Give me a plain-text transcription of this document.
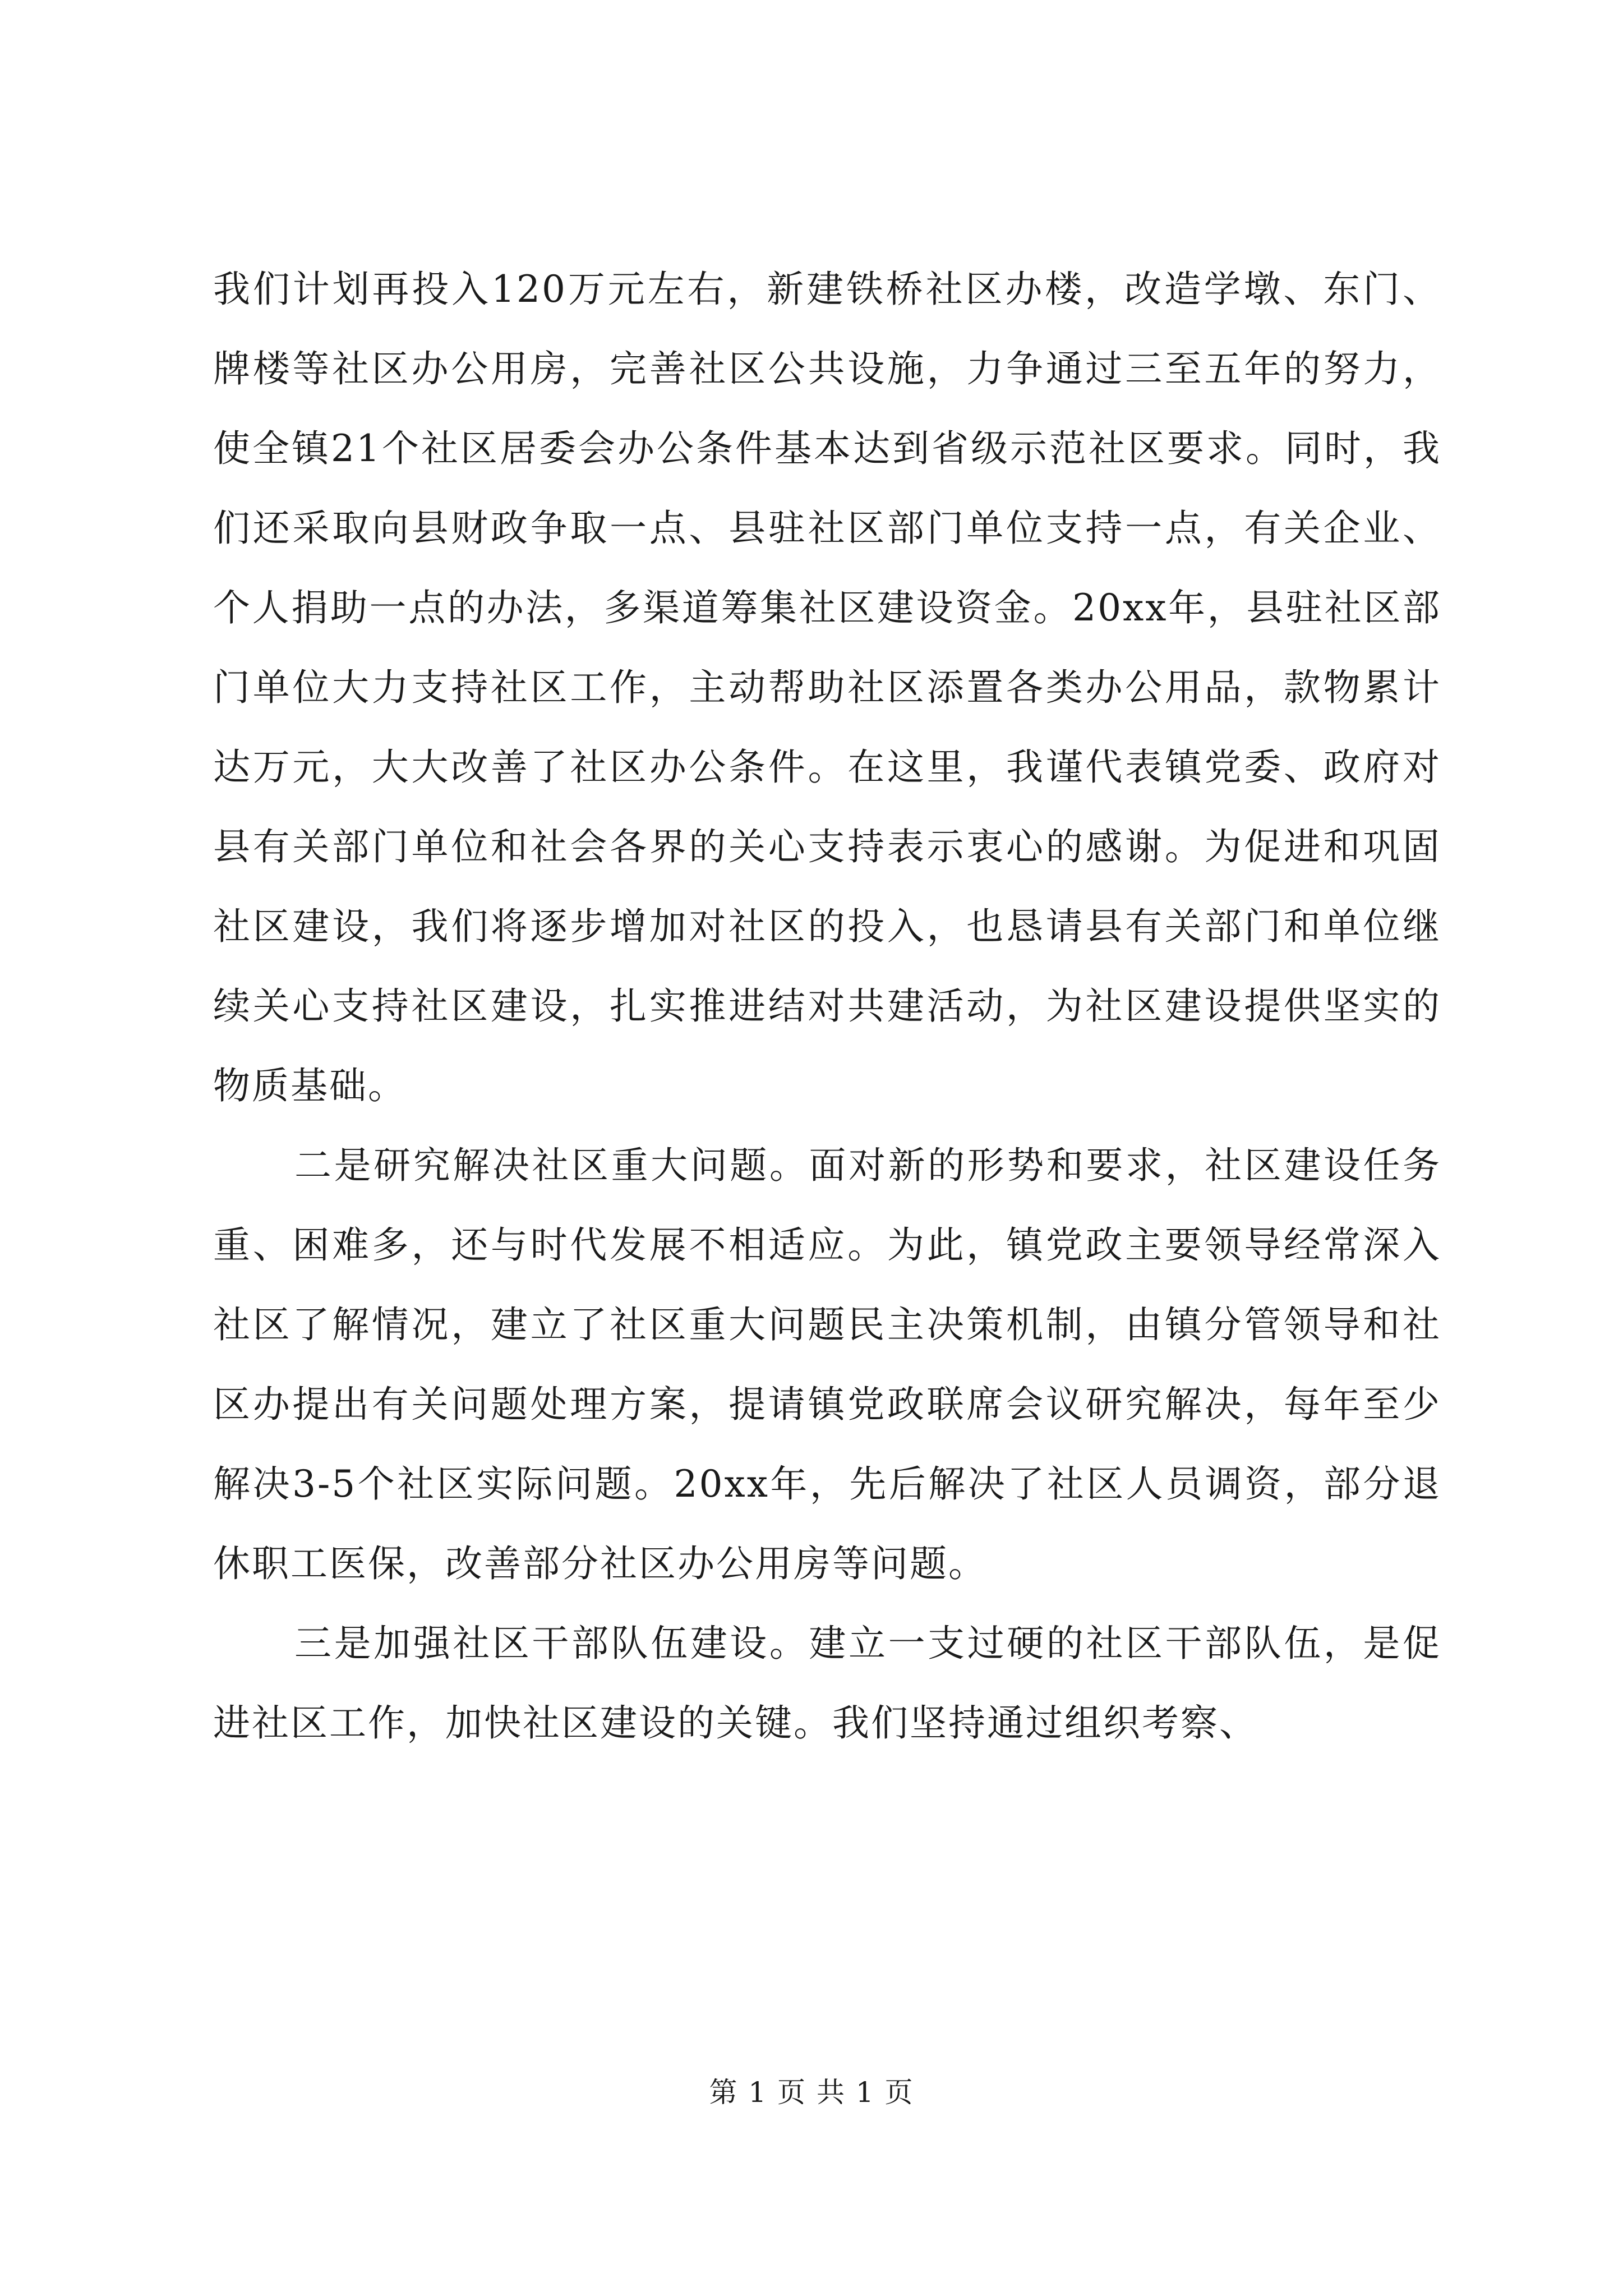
我们计划再投入120万元左右，新建铁桥社区办楼，改造学墩、东门、牌楼等社区办公用房，完善社区公共设施，力争通过三至五年的努力，使全镇21个社区居委会办公条件基本达到省级示范社区要求。同时，我们还采取向县财政争取一点、县驻社区部门单位支持一点，有关企业、个人捐助一点的办法，多渠道筹集社区建设资金。20xx年，县驻社区部门单位大力支持社区工作，主动帮助社区添置各类办公用品，款物累计达万元，大大改善了社区办公条件。在这里，我谨代表镇党委、政府对县有关部门单位和社会各界的关心支持表示衷心的感谢。为促进和巩固社区建设，我们将逐步增加对社区的投入，也恳请县有关部门和单位继续关心支持社区建设，扎实推进结对共建活动，为社区建设提供坚实的物质基础。

二是研究解决社区重大问题。面对新的形势和要求，社区建设任务重、困难多，还与时代发展不相适应。为此，镇党政主要领导经常深入社区了解情况，建立了社区重大问题民主决策机制，由镇分管领导和社区办提出有关问题处理方案，提请镇党政联席会议研究解决，每年至少解决3-5个社区实际问题。20xx年，先后解决了社区人员调资，部分退休职工医保，改善部分社区办公用房等问题。

三是加强社区干部队伍建设。建立一支过硬的社区干部队伍，是促进社区工作，加快社区建设的关键。我们坚持通过组织考察、

第 1 页 共 1 页
